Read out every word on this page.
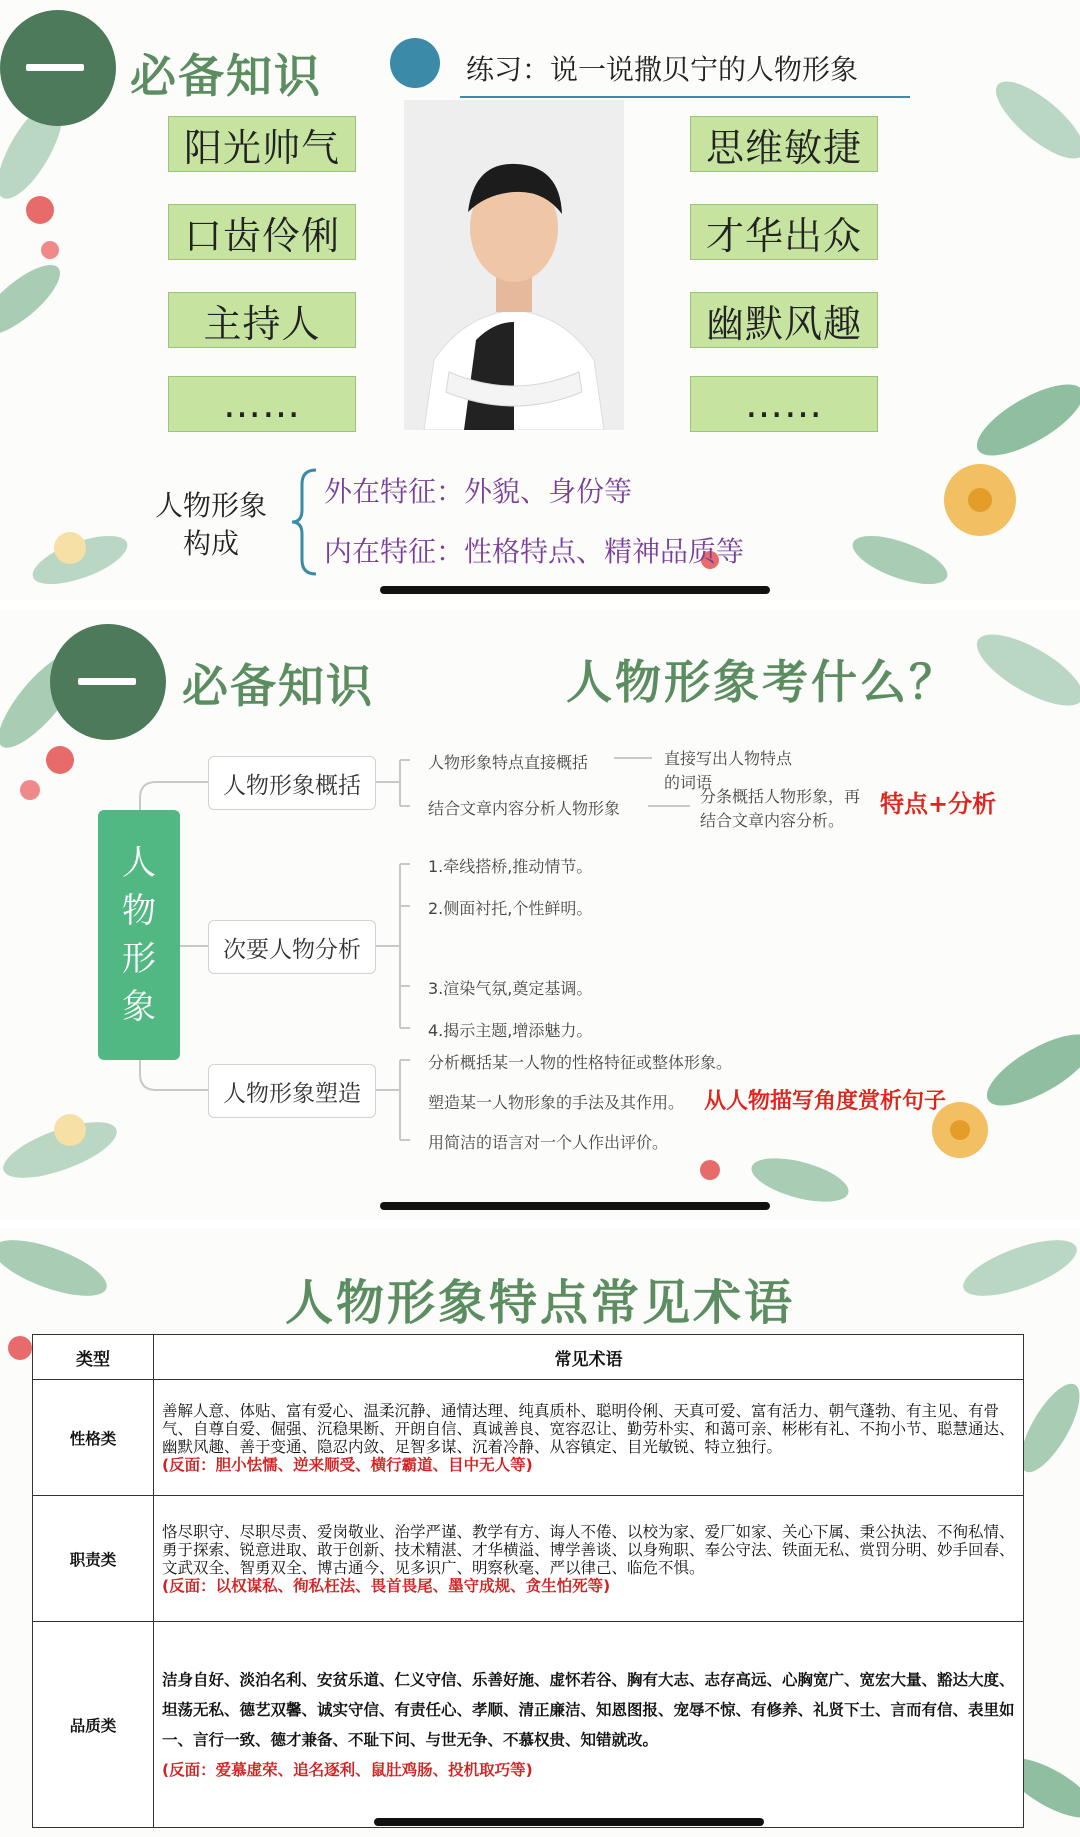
必备知识	练习：说一说撒贝宁的人物形象
阳光帅气
口齿伶俐
主持人
……
思维敏捷
才华出众
幽默风趣
……
人物形象
构成
外在特征：外貌、身份等
内在特征：性格特点、精神品质等
必备知识	人物形象考什么？
人
物
形
象
人物形象概括
次要人物分析
人物形象塑造
人物形象特点直接概括	直接写出人物特点
的词语
结合文章内容分析人物形象
分条概括人物形象，再
结合文章内容分析。
特点+分析
1.牵线搭桥,推动情节。
2.侧面衬托,个性鲜明。
3.渲染气氛,奠定基调。
4.揭示主题,增添魅力。
分析概括某一人物的性格特征或整体形象。
塑造某一人物形象的手法及其作用。 从人物描写角度赏析句子
用简洁的语言对一个人作出评价。
人物形象特点常见术语
类型	常见术语
性格类	善解人意、体贴、富有爱心、温柔沉静、通情达理、纯真质朴、聪明伶俐、天真可爱、富有活力、朝气蓬勃、有主见、有骨气、自尊自爱、倔强、沉稳果断、开朗自信、真诚善良、宽容忍让、勤劳朴实、和蔼可亲、彬彬有礼、不拘小节、聪慧通达、幽默风趣、善于变通、隐忍内敛、足智多谋、沉着冷静、从容镇定、目光敏锐、特立独行。
(反面：胆小怯懦、逆来顺受、横行霸道、目中无人等)

职责类	恪尽职守、尽职尽责、爱岗敬业、治学严谨、教学有方、诲人不倦、以校为家、爱厂如家、关心下属、秉公执法、不徇私情、勇于探索、锐意进取、敢于创新、技术精湛、才华横溢、博学善谈、以身殉职、奉公守法、铁面无私、赏罚分明、妙手回春、文武双全、智勇双全、博古通今、见多识广、明察秋毫、严以律己、临危不惧。
(反面：以权谋私、徇私枉法、畏首畏尾、墨守成规、贪生怕死等)

品质类	洁身自好、淡泊名利、安贫乐道、仁义守信、乐善好施、虚怀若谷、胸有大志、志存高远、心胸宽广、宽宏大量、豁达大度、坦荡无私、德艺双馨、诚实守信、有责任心、孝顺、清正廉洁、知恩图报、宠辱不惊、有修养、礼贤下士、言而有信、表里如一、言行一致、德才兼备、不耻下问、与世无争、不慕权贵、知错就改。
(反面：爱慕虚荣、追名逐利、鼠肚鸡肠、投机取巧等)
